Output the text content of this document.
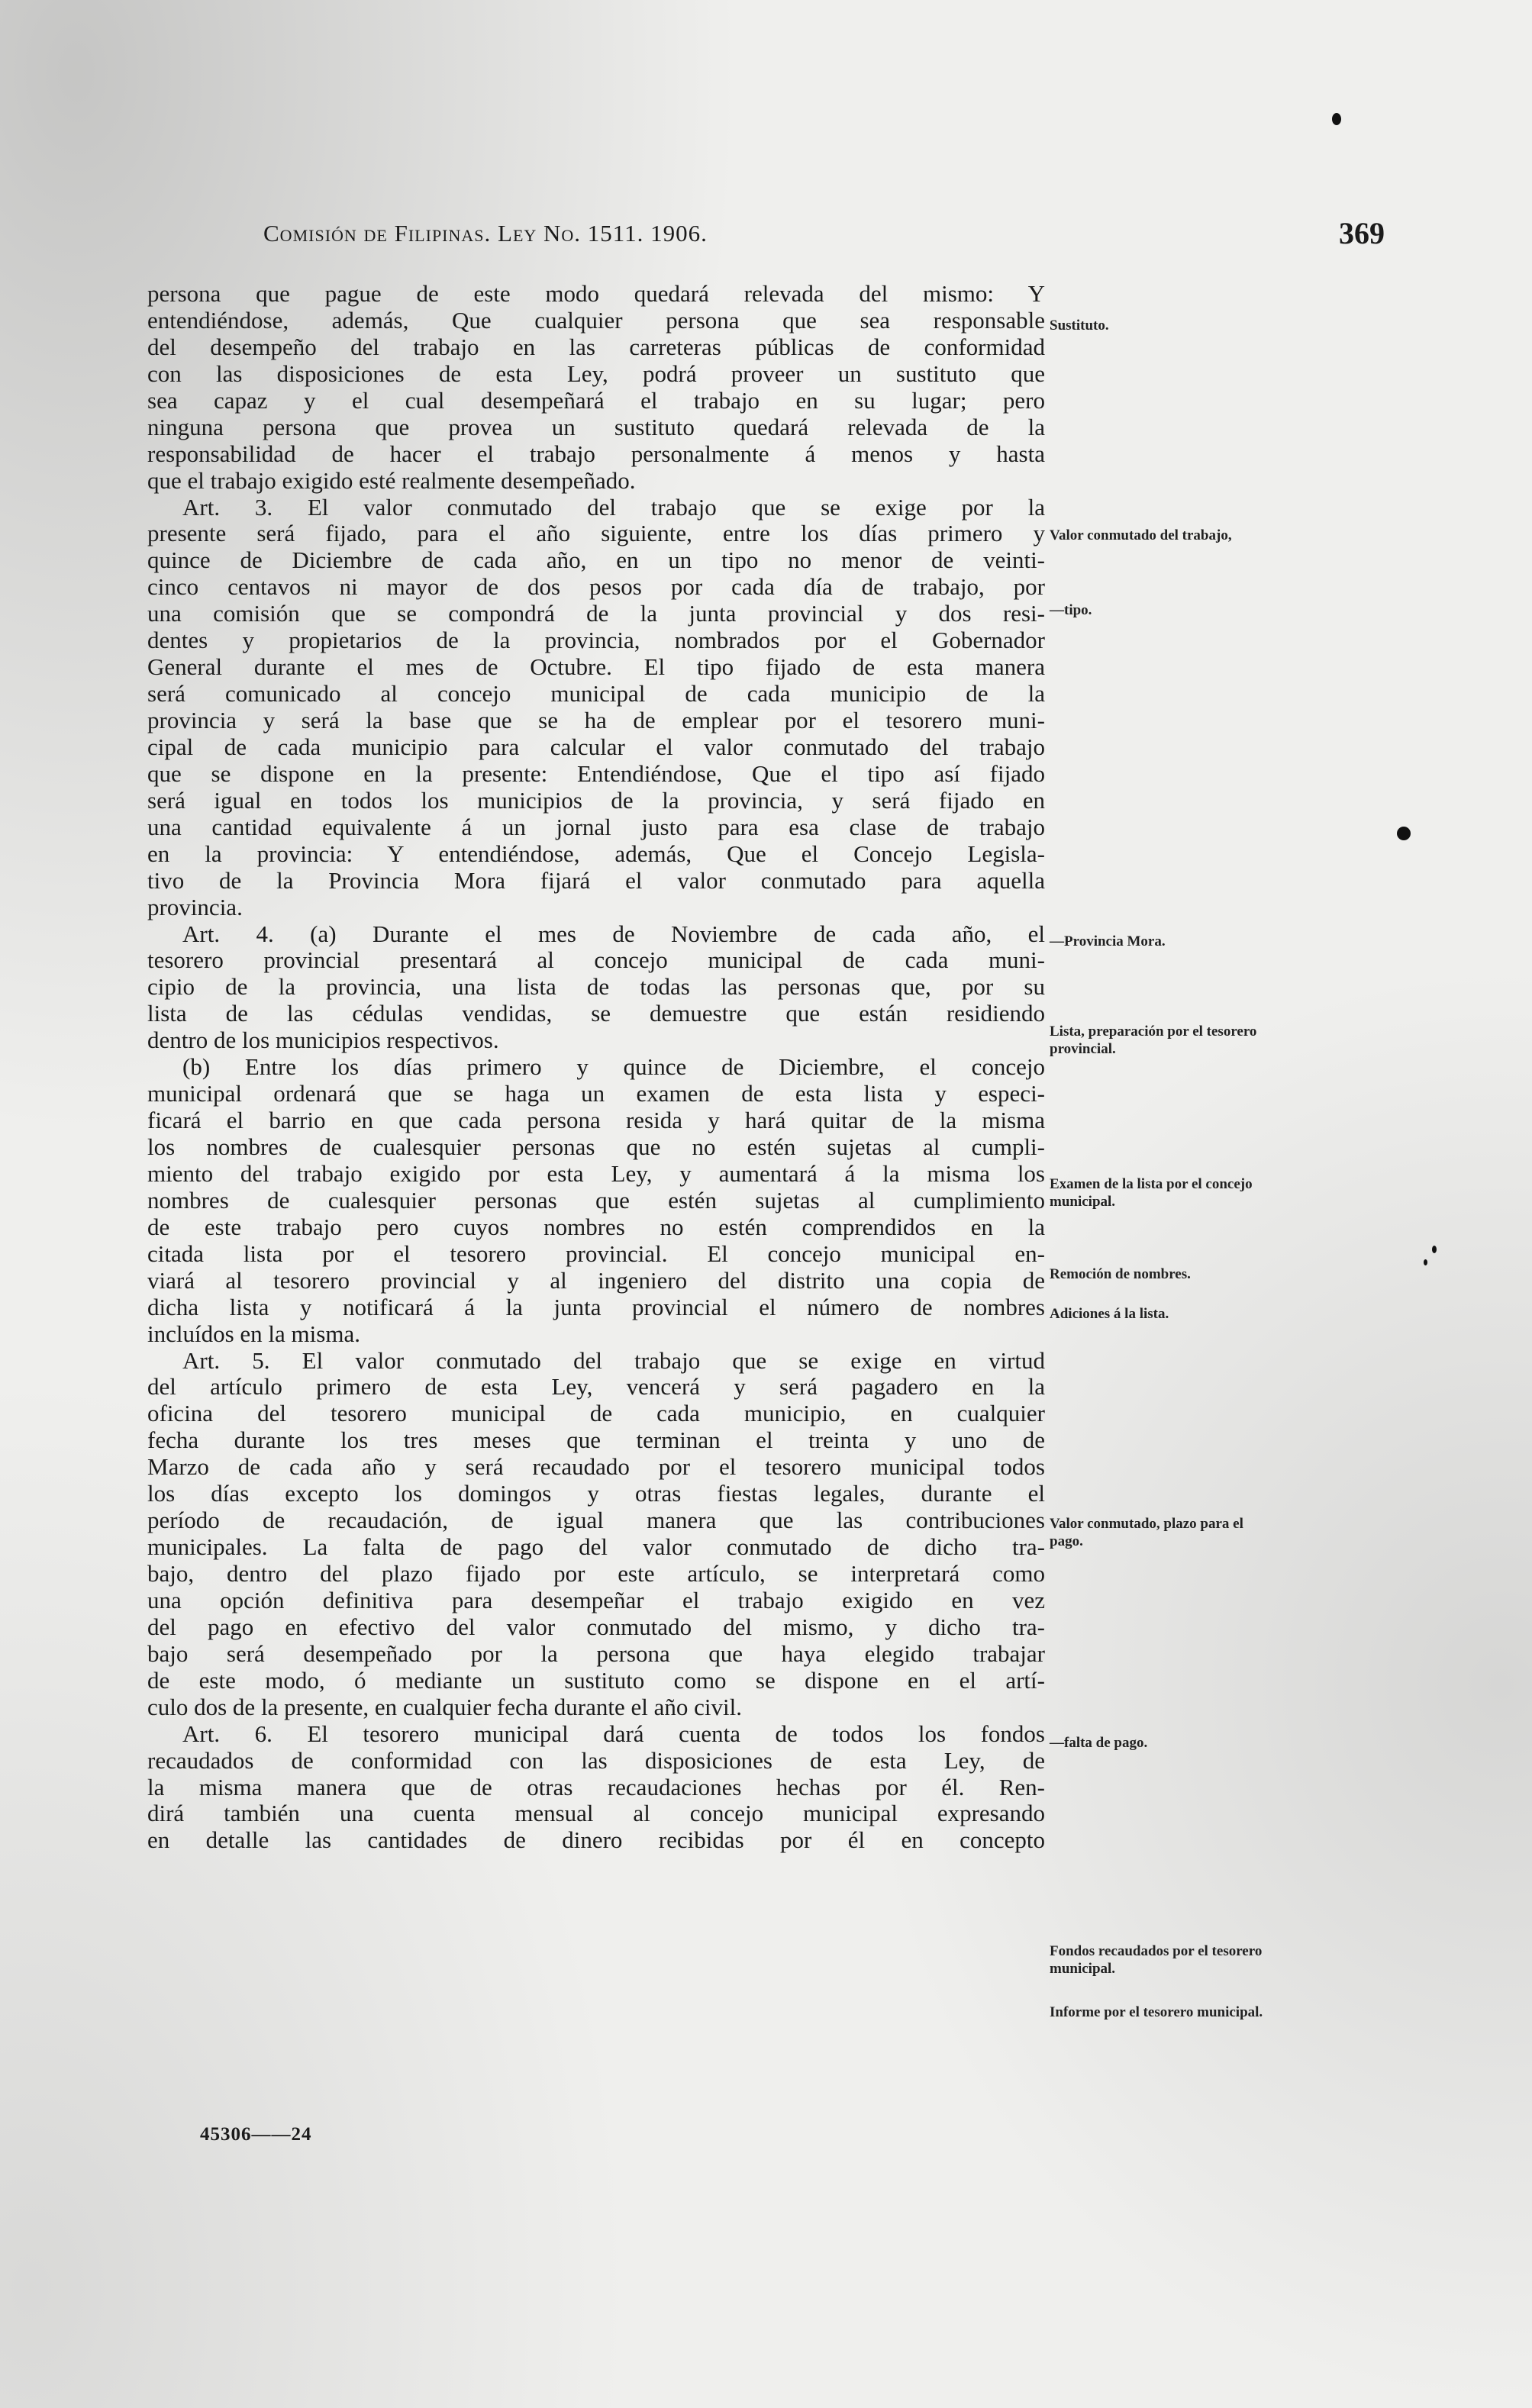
Comisión de Filipinas. Ley No. 1511. 1906.	369
persona que pague de este modo quedará relevada del mismo: Y
entendiéndose, además, Que cualquier persona que sea responsable
del desempeño del trabajo en las carreteras públicas de conformidad
con las disposiciones de esta Ley, podrá proveer un sustituto que
sea capaz y el cual desempeñará el trabajo en su lugar; pero
ninguna persona que provea un sustituto quedará relevada de la
responsabilidad de hacer el trabajo personalmente á menos y hasta
que el trabajo exigido esté realmente desempeñado.
Art. 3. El valor conmutado del trabajo que se exige por la
presente será fijado, para el año siguiente, entre los días primero y
quince de Diciembre de cada año, en un tipo no menor de veinti-
cinco centavos ni mayor de dos pesos por cada día de trabajo, por
una comisión que se compondrá de la junta provincial y dos resi-
dentes y propietarios de la provincia, nombrados por el Gobernador
General durante el mes de Octubre. El tipo fijado de esta manera
será comunicado al concejo municipal de cada municipio de la
provincia y será la base que se ha de emplear por el tesorero muni-
cipal de cada municipio para calcular el valor conmutado del trabajo
que se dispone en la presente: Entendiéndose, Que el tipo así fijado
será igual en todos los municipios de la provincia, y será fijado en
una cantidad equivalente á un jornal justo para esa clase de trabajo
en la provincia: Y entendiéndose, además, Que el Concejo Legisla-
tivo de la Provincia Mora fijará el valor conmutado para aquella
provincia.
Art. 4. (a) Durante el mes de Noviembre de cada año, el
tesorero provincial presentará al concejo municipal de cada muni-
cipio de la provincia, una lista de todas las personas que, por su
lista de las cédulas vendidas, se demuestre que están residiendo
dentro de los municipios respectivos.
(b) Entre los días primero y quince de Diciembre, el concejo
municipal ordenará que se haga un examen de esta lista y especi-
ficará el barrio en que cada persona resida y hará quitar de la misma
los nombres de cualesquier personas que no estén sujetas al cumpli-
miento del trabajo exigido por esta Ley, y aumentará á la misma los
nombres de cualesquier personas que estén sujetas al cumplimiento
de este trabajo pero cuyos nombres no estén comprendidos en la
citada lista por el tesorero provincial. El concejo municipal en-
viará al tesorero provincial y al ingeniero del distrito una copia de
dicha lista y notificará á la junta provincial el número de nombres
incluídos en la misma.
Art. 5. El valor conmutado del trabajo que se exige en virtud
del artículo primero de esta Ley, vencerá y será pagadero en la
oficina del tesorero municipal de cada municipio, en cualquier
fecha durante los tres meses que terminan el treinta y uno de
Marzo de cada año y será recaudado por el tesorero municipal todos
los días excepto los domingos y otras fiestas legales, durante el
período de recaudación, de igual manera que las contribuciones
municipales. La falta de pago del valor conmutado de dicho tra-
bajo, dentro del plazo fijado por este artículo, se interpretará como
una opción definitiva para desempeñar el trabajo exigido en vez
del pago en efectivo del valor conmutado del mismo, y dicho tra-
bajo será desempeñado por la persona que haya elegido trabajar
de este modo, ó mediante un sustituto como se dispone en el artí-
culo dos de la presente, en cualquier fecha durante el año civil.
Art. 6. El tesorero municipal dará cuenta de todos los fondos
recaudados de conformidad con las disposiciones de esta Ley, de
la misma manera que de otras recaudaciones hechas por él. Ren-
dirá también una cuenta mensual al concejo municipal expresando
en detalle las cantidades de dinero recibidas por él en concepto
Sustituto.
Valor conmutado del trabajo,
—tipo.
—Provincia Mora.
Lista, preparación por el tesorero provincial.
Examen de la lista por el concejo municipal.
Remoción de nombres.
Adiciones á la lista.
Valor conmutado, plazo para el pago.
—falta de pago.
Fondos recaudados por el tesorero municipal.
Informe por el tesorero municipal.
45306——24
